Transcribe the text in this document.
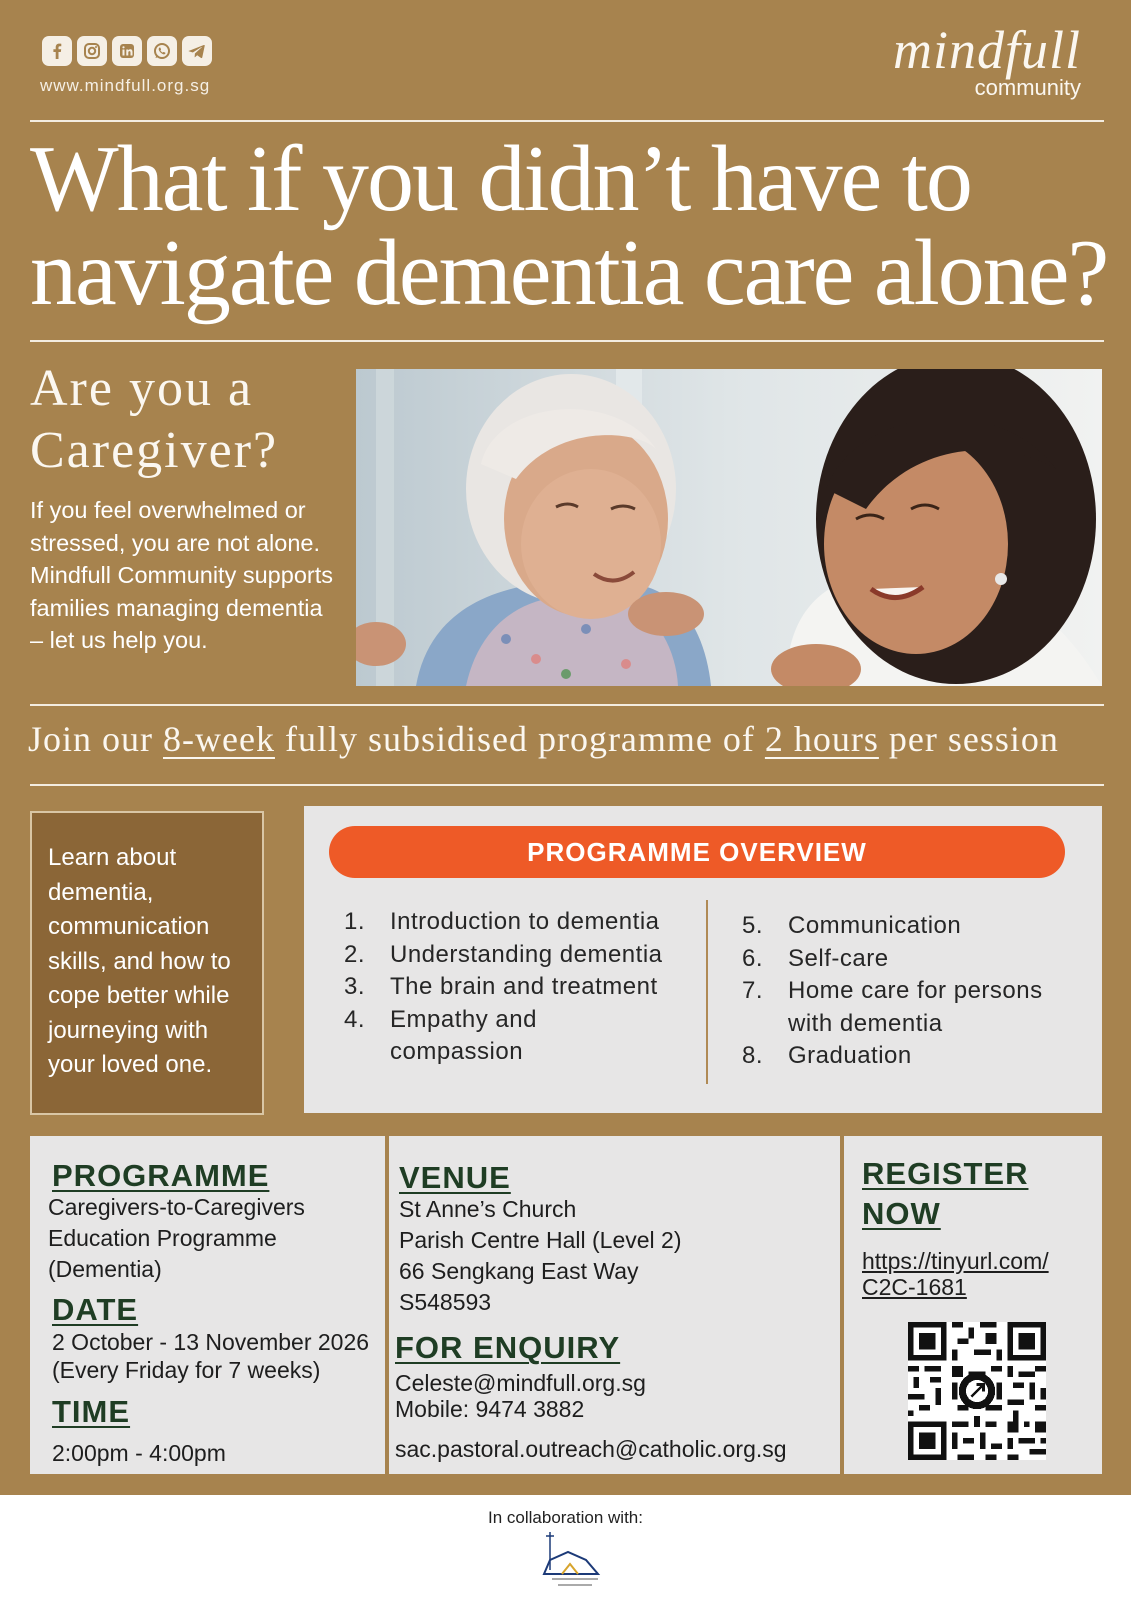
www.mindfull.org.sg
mindfull
community
What if you didn’t have to
navigate dementia care alone?
Are you a
Caregiver?
If you feel overwhelmed or stressed, you are not alone. Mindfull Community supports families managing dementia – let us help you.
Join our 8-week fully subsidised programme of 2 hours per session
Learn about dementia, communication skills, and how to cope better while journeying with your loved one.
PROGRAMME OVERVIEW
1. Introduction to dementia
2. Understanding dementia
3. The brain and treatment
4. Empathy and compassion
5. Communication
6. Self-care
7. Home care for persons with dementia
8. Graduation
PROGRAMME
Caregivers-to-Caregivers
Education Programme
(Dementia)
DATE
2 October - 13 November 2026
(Every Friday for 7 weeks)
TIME
2:00pm - 4:00pm
VENUE
St Anne’s Church
Parish Centre Hall (Level 2)
66 Sengkang East Way
S548593
FOR ENQUIRY
Celeste@mindfull.org.sg
Mobile: 9474 3882
sac.pastoral.outreach@catholic.org.sg
REGISTER
NOW
https://tinyurl.com/
C2C-1681
In collaboration with:
